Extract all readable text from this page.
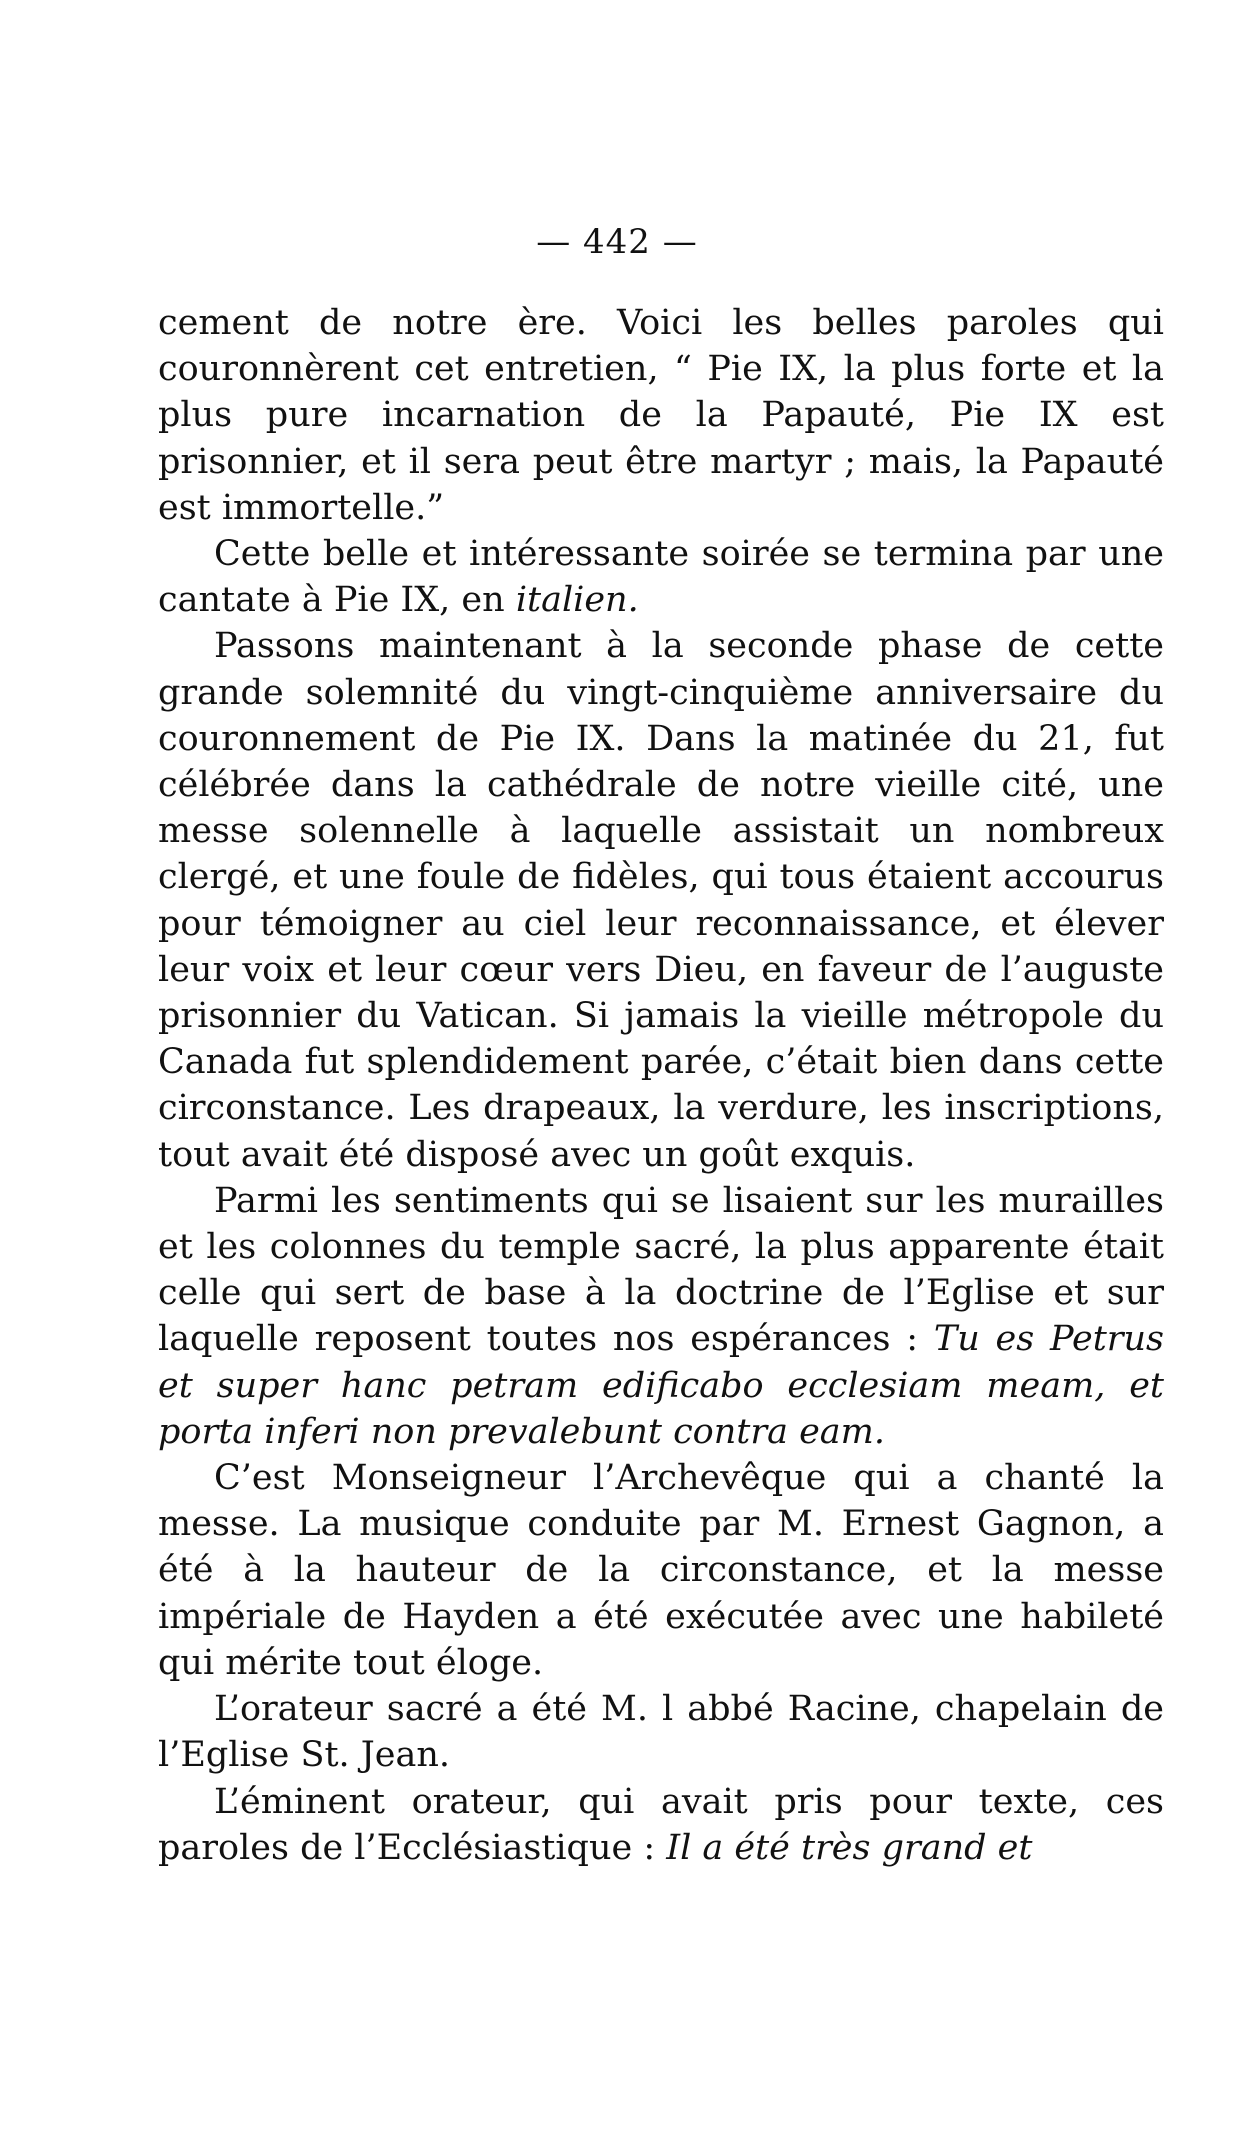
— 442 —

cement de notre ère. Voici les belles paroles qui couronnèrent cet entretien, “ Pie IX, la plus forte et la plus pure incarnation de la Papauté, Pie IX est prisonnier, et il sera peut être martyr ; mais, la Papauté est immortelle.”

Cette belle et intéressante soirée se termina par une cantate à Pie IX, en italien.

Passons maintenant à la seconde phase de cette grande solemnité du vingt-cinquième anniversaire du couronnement de Pie IX. Dans la matinée du 21, fut célébrée dans la cathédrale de notre vieille cité, une messe solennelle à laquelle assistait un nombreux clergé, et une foule de fidèles, qui tous étaient accourus pour témoigner au ciel leur reconnaissance, et élever leur voix et leur cœur vers Dieu, en faveur de l’auguste prisonnier du Vatican. Si jamais la vieille métropole du Canada fut splendidement parée, c’était bien dans cette circonstance. Les drapeaux, la verdure, les inscriptions, tout avait été disposé avec un goût exquis.

Parmi les sentiments qui se lisaient sur les murailles et les colonnes du temple sacré, la plus apparente était celle qui sert de base à la doctrine de l’Eglise et sur laquelle reposent toutes nos espérances : Tu es Petrus et super hanc petram edificabo ecclesiam meam, et porta inferi non prevalebunt contra eam.

C’est Monseigneur l’Archevêque qui a chanté la messe. La musique conduite par M. Ernest Gagnon, a été à la hauteur de la circonstance, et la messe impériale de Hayden a été exécutée avec une habileté qui mérite tout éloge.

L’orateur sacré a été M. l abbé Racine, chapelain de l’Eglise St. Jean.

L’éminent orateur, qui avait pris pour texte, ces paroles de l’Ecclésiastique : Il a été très grand et
